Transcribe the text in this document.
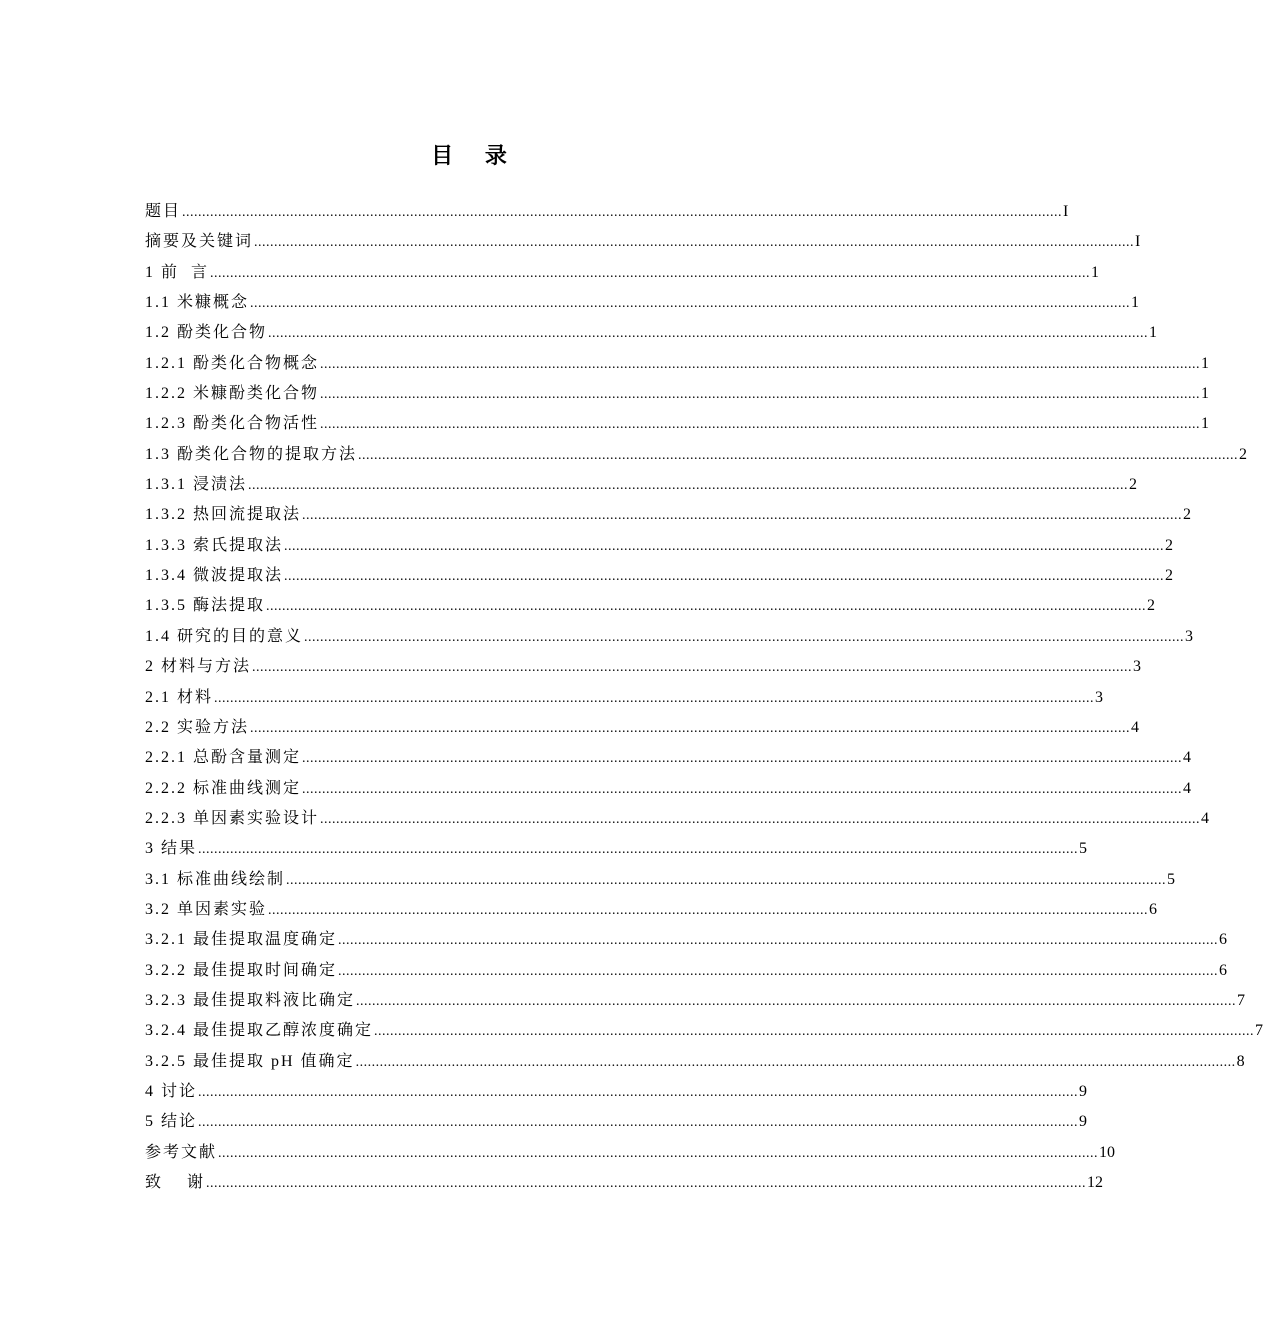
目 录
题目 ............................................................................................................................................................................................................................ I
摘要及关键词 ............................................................................................................................................................................................................................ I
1 前  言 ............................................................................................................................................................................................................................ 1
1.1 米糠概念 ............................................................................................................................................................................................................................ 1
1.2 酚类化合物 ............................................................................................................................................................................................................................ 1
1.2.1 酚类化合物概念 ............................................................................................................................................................................................................................ 1
1.2.2 米糠酚类化合物 ............................................................................................................................................................................................................................ 1
1.2.3 酚类化合物活性 ............................................................................................................................................................................................................................ 1
1.3 酚类化合物的提取方法 ............................................................................................................................................................................................................................ 2
1.3.1 浸渍法 ............................................................................................................................................................................................................................ 2
1.3.2 热回流提取法 ............................................................................................................................................................................................................................ 2
1.3.3 索氏提取法 ............................................................................................................................................................................................................................ 2
1.3.4 微波提取法 ............................................................................................................................................................................................................................ 2
1.3.5 酶法提取 ............................................................................................................................................................................................................................ 2
1.4 研究的目的意义 ............................................................................................................................................................................................................................ 3
2 材料与方法 ............................................................................................................................................................................................................................ 3
2.1 材料 ............................................................................................................................................................................................................................ 3
2.2 实验方法 ............................................................................................................................................................................................................................ 4
2.2.1 总酚含量测定 ............................................................................................................................................................................................................................ 4
2.2.2 标准曲线测定 ............................................................................................................................................................................................................................ 4
2.2.3 单因素实验设计 ............................................................................................................................................................................................................................ 4
3 结果 ............................................................................................................................................................................................................................ 5
3.1 标准曲线绘制 ............................................................................................................................................................................................................................ 5
3.2 单因素实验 ............................................................................................................................................................................................................................ 6
3.2.1 最佳提取温度确定 ............................................................................................................................................................................................................................ 6
3.2.2 最佳提取时间确定 ............................................................................................................................................................................................................................ 6
3.2.3 最佳提取料液比确定 ............................................................................................................................................................................................................................ 7
3.2.4 最佳提取乙醇浓度确定 ............................................................................................................................................................................................................................ 7
3.2.5 最佳提取 pH 值确定 ............................................................................................................................................................................................................................ 8
4 讨论 ............................................................................................................................................................................................................................ 9
5 结论 ............................................................................................................................................................................................................................ 9
参考文献 ............................................................................................................................................................................................................................ 10
致    谢 ............................................................................................................................................................................................................................ 12
